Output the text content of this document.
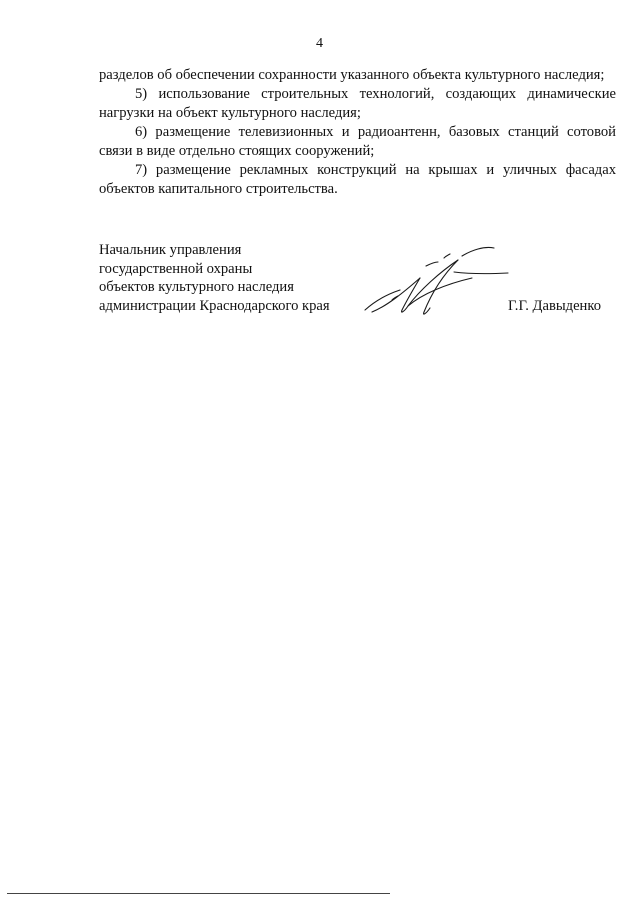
4

разделов об обеспечении сохранности указанного объекта культурного наследия;

5) использование строительных технологий, создающих динамические нагрузки на объект культурного наследия;

6) размещение телевизионных и радиоантенн, базовых станций сотовой связи в виде отдельно стоящих сооружений;

7) размещение рекламных конструкций на крышах и уличных фасадах объектов капитального строительства.

Начальник управления
государственной охраны
объектов культурного наследия
администрации Краснодарского края	Г.Г. Давыденко
